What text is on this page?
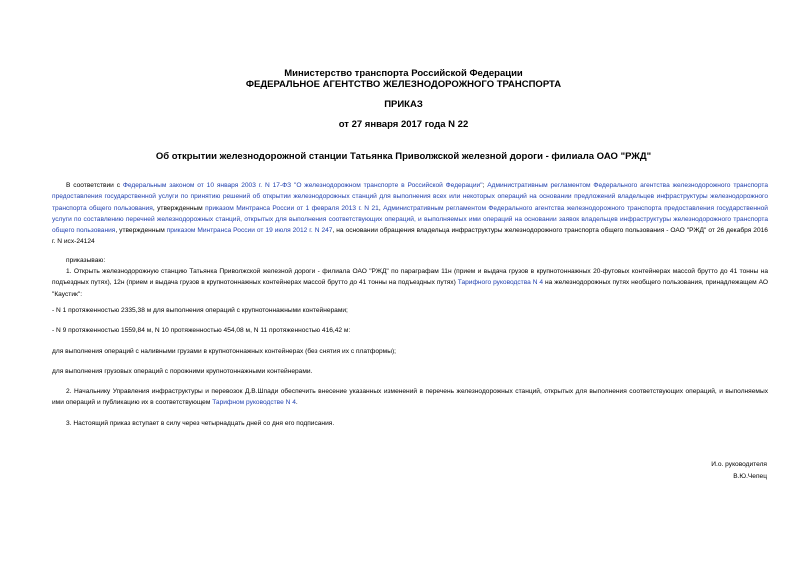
Министерство транспорта Российской Федерации
ФЕДЕРАЛЬНОЕ АГЕНТСТВО ЖЕЛЕЗНОДОРОЖНОГО ТРАНСПОРТА
ПРИКАЗ
от 27 января 2017 года N 22
Об открытии железнодорожной станции Татьянка Приволжской железной дороги - филиала ОАО "РЖД"
В соответствии с Федеральным законом от 10 января 2003 г. N 17-ФЗ "О железнодорожном транспорте в Российской Федерации"; Административным регламентом Федерального агентства железнодорожного транспорта предоставления государственной услуги по принятию решений об открытии железнодорожных станций для выполнения всех или некоторых операций на основании предложений владельцев инфраструктуры железнодорожного транспорта общего пользования, утвержденным приказом Минтранса России от 1 февраля 2013 г. N 21, Административным регламентом Федерального агентства железнодорожного транспорта предоставления государственной услуги по составлению перечней железнодорожных станций, открытых для выполнения соответствующих операций, и выполняемых ими операций на основании заявок владельцев инфраструктуры железнодорожного транспорта общего пользования, утвержденным приказом Минтранса России от 19 июля 2012 г. N 247, на основании обращения владельца инфраструктуры железнодорожного транспорта общего пользования - ОАО "РЖД" от 26 декабря 2016 г. N исх-24124
приказываю:
1. Открыть железнодорожную станцию Татьянка Приволжской железной дороги - филиала ОАО "РЖД" по параграфам 11н (прием и выдача грузов в крупнотоннажных 20-футовых контейнерах массой брутто до 41 тонны на подъездных путях), 12н (прием и выдача грузов в крупнотоннажных контейнерах массой брутто до 41 тонны на подъездных путях) Тарифного руководства N 4 на железнодорожных путях необщего пользования, принадлежащем АО "Каустик":
- N 1 протяженностью 2335,38 м для выполнения операций с крупнотоннажными контейнерами;
- N 9 протяженностью 1559,84 м, N 10 протяженностью 454,08 м, N 11 протяженностью 416,42 м:
для выполнения операций с наливными грузами в крупнотоннажных контейнерах (без снятия их с платформы);
для выполнения грузовых операций с порожними крупнотоннажными контейнерами.
2. Начальнику Управления инфраструктуры и перевозок Д.В.Шпади обеспечить внесение указанных изменений в перечень железнодорожных станций, открытых для выполнения соответствующих операций, и выполняемых ими операций и публикацию их в соответствующем Тарифном руководстве N 4.
3. Настоящий приказ вступает в силу через четырнадцать дней со дня его подписания.
И.о. руководителя
В.Ю.Чепец
